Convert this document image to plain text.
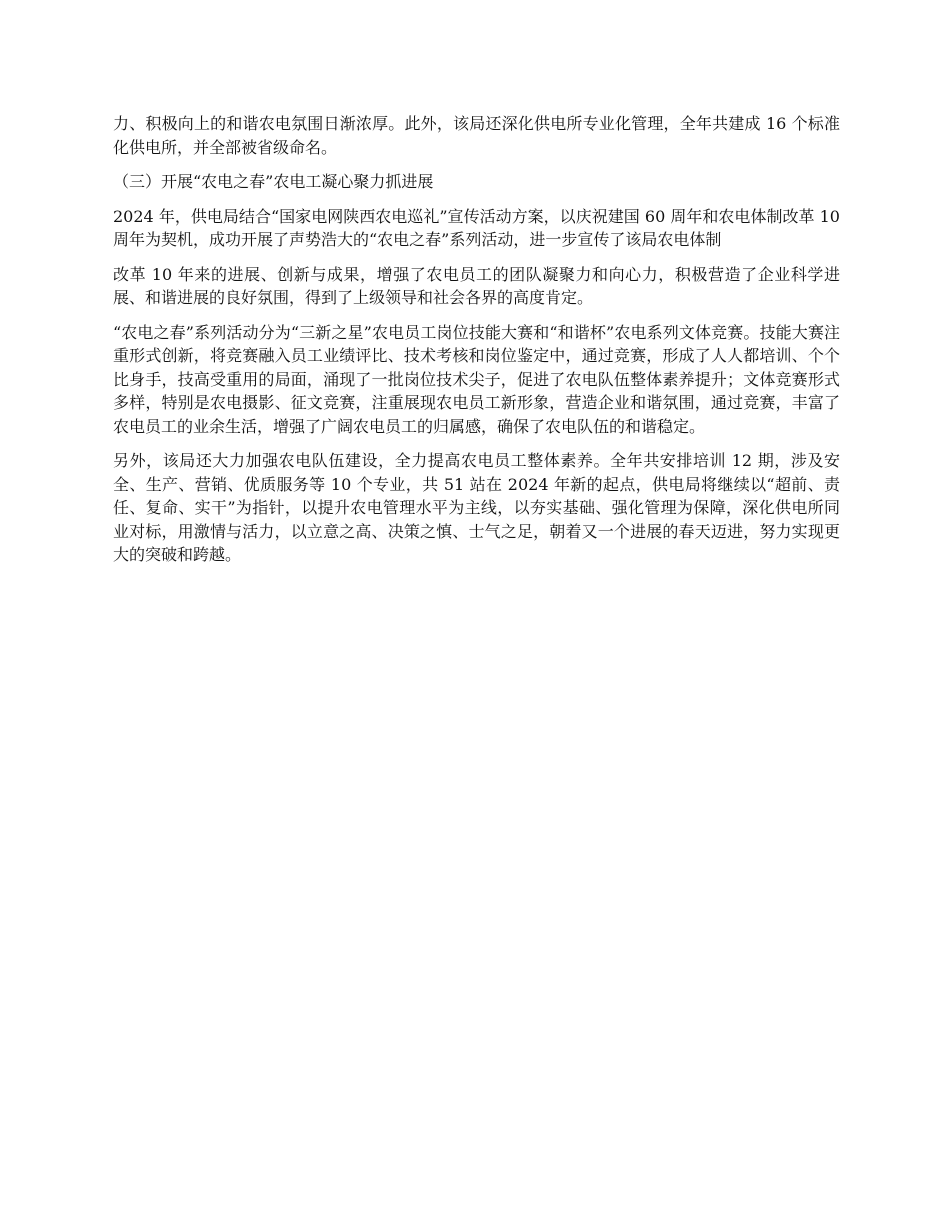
力、积极向上的和谐农电氛围日渐浓厚。此外，该局还深化供电所专业化管理，全年共建成 16 个标准化供电所，并全部被省级命名。

（三）开展“农电之春”农电工凝心聚力抓进展

2024 年，供电局结合“国家电网陕西农电巡礼”宣传活动方案，以庆祝建国 60 周年和农电体制改革 10 周年为契机，成功开展了声势浩大的“农电之春”系列活动，进一步宣传了该局农电体制

改革 10 年来的进展、创新与成果，增强了农电员工的团队凝聚力和向心力，积极营造了企业科学进展、和谐进展的良好氛围，得到了上级领导和社会各界的高度肯定。

“农电之春”系列活动分为“三新之星”农电员工岗位技能大赛和“和谐杯”农电系列文体竞赛。技能大赛注重形式创新，将竞赛融入员工业绩评比、技术考核和岗位鉴定中，通过竞赛，形成了人人都培训、个个比身手，技高受重用的局面，涌现了一批岗位技术尖子，促进了农电队伍整体素养提升；文体竞赛形式多样，特别是农电摄影、征文竞赛，注重展现农电员工新形象，营造企业和谐氛围，通过竞赛，丰富了农电员工的业余生活，增强了广阔农电员工的归属感，确保了农电队伍的和谐稳定。

另外，该局还大力加强农电队伍建设，全力提高农电员工整体素养。全年共安排培训 12 期，涉及安全、生产、营销、优质服务等 10 个专业，共 51 站在 2024 年新的起点，供电局将继续以“超前、责任、复命、实干”为指针，以提升农电管理水平为主线，以夯实基础、强化管理为保障，深化供电所同业对标，用激情与活力，以立意之高、决策之慎、士气之足，朝着又一个进展的春天迈进，努力实现更大的突破和跨越。
